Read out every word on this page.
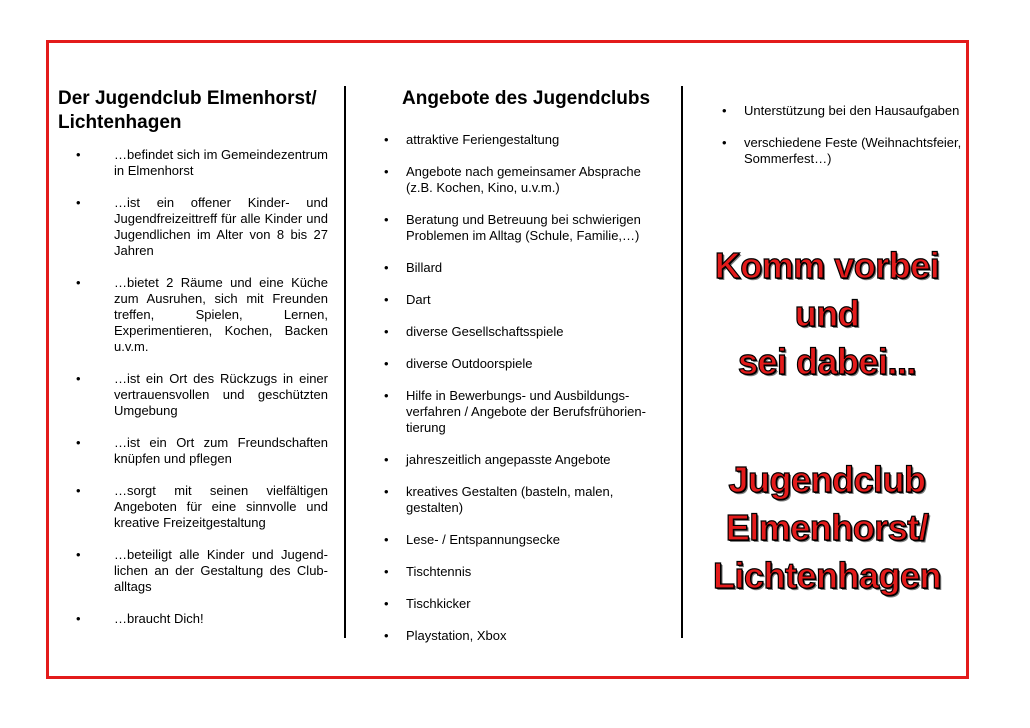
Der Jugendclub Elmenhorst/ Lichtenhagen
•	…befindet sich im Gemeindezentrum in Elmenhorst
•	…ist ein offener Kinder- und Jugendfreizeittreff für alle Kinder und Jugendlichen im Alter von 8 bis 27 Jahren
•	…bietet 2 Räume und eine Küche zum Ausruhen, sich mit Freunden treffen, Spielen, Lernen, Experimentieren, Kochen, Backen u.v.m.
•	…ist ein Ort des Rückzugs in einer vertrauensvollen und geschützten Umgebung
•	…ist ein Ort zum Freundschaften knüpfen und pflegen
•	…sorgt mit seinen vielfältigen Angeboten für eine sinnvolle und kreative Freizeitgestaltung
•	…beteiligt alle Kinder und Jugend-lichen an der Gestaltung des Club-alltags
•	…braucht Dich!
Angebote des Jugendclubs
• attraktive Feriengestaltung
• Angebote nach gemeinsamer Absprache (z.B. Kochen, Kino, u.v.m.)
• Beratung und Betreuung bei schwierigen Problemen im Alltag (Schule, Familie,…)
• Billard
• Dart
• diverse Gesellschaftsspiele
• diverse Outdoorspiele
• Hilfe in Bewerbungs- und Ausbildungs-verfahren / Angebote der Berufsfrühorien-tierung
• jahreszeitlich angepasste Angebote
• kreatives Gestalten (basteln, malen, gestalten)
• Lese- / Entspannungsecke
• Tischtennis
• Tischkicker
• Playstation, Xbox
• Unterstützung bei den Hausaufgaben
• verschiedene Feste (Weihnachtsfeier, Sommerfest…)
Komm vorbei
und
sei dabei...
Jugendclub
Elmenhorst/
Lichtenhagen
